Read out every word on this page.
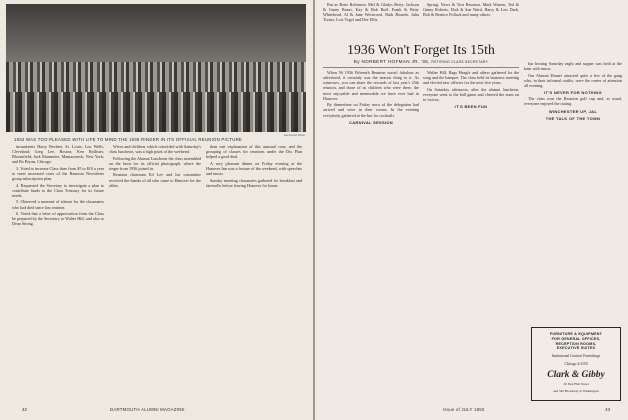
Dartmouth Photo
1932 WAS TOO PLEASED WITH LIFE TO MIND THE 1936 RINGER IN ITS OFFICIAL REUNION PICTURE

incumbents Harry Bechert, St. Louis; Lou Wells, Cleveland; Greg Lee, Boston; Ken Hollister, Bloomfield; Jack Blaumeier, Mamaroneck, New York; and Bo Bryan, Chicago.

3. Voted to increase Class dues from $5 to $10 a year to meet increased costs of the Reunion Newsletter group subscription plan.

4. Requested the Secretary to investigate a plan to contribute funds to the Class Treasury for its future needs.

5. Observed a moment of silence for the classmates who had died since last reunion.

6. Voted that a letter of appreciation from the Class be prepared by the Secretary to Walter Hill, and also to Dean Strong.

Wives and children, which coincided with Saturday's class luncheon, was a high point of the weekend.

Following the Alumni Luncheon the class assembled on the lawn for its official photograph, where the ringer from 1936 joined in.

Reunion chairman Ed Lee and his committee received the thanks of all who came to Hanover for the affair.

than one explanation of this unusual case, and the grouping of classes for reunions under the Dix Plan helped a good deal.

A very pleasant dinner on Friday evening at the Hanover Inn was a feature of the weekend, with speeches and music.

Sunday morning classmates gathered for breakfast and farewells before leaving Hanover for home.

42	DARTMOUTH ALUMNI MAGAZINE

But as Bette Robinson, Mel & Gladys Berry, Jackson & Ginny Burns, Kay & Bob Ruff, Frank & Betty Whitehead, Al & Jane Westwood, Ruth Rounds, Julia Turner, Lois Vogel and Dee Ellis.

Spring, News & Text Reunion, Mark Warren, Ted & Ginny Roberts, Dick & Sue Ward, Harry & Lois Dark, Bob & Bernice Pollack and many others.

1936 Won't Forget Its 15th
By NORBERT HOFMAN JR. '36, RETIRING CLASS SECRETARY

When 56 1936 Fifteenth Reunion wasn't fabulous as advertised, it certainly was the nearest thing to it. As witnesses, you can share the rewards of last year's 25th reunion, and those of us children who were there, the most enjoyable and memorable we have ever had in Hanover.

By dinnertime on Friday most of the delegation had arrived and were in their rooms. In the evening everybody gathered at the Inn for cocktails.

CARNIVAL SESSION

Walter Hill, Rags Heagle and others gathered for the song and the banquet. The class held its business meeting and elected new officers for the next five years.

On Saturday afternoon, after the alumni luncheon, everyone went to the ball game and cheered the team on to victory.

IT'S BEEN FUN

bar hosting Saturday night and supper was held at the barn with music.

Our Alumni Dinner attracted quite a few of the gang who, in their informal outfits, were the center of attention all evening.

IT'S NEVER FOR NOTHING

The class won the Reunion golf cup and, as usual, everyone enjoyed the outing.

WINCHESTER UP, JAL

THE TALK OF THE TOWN

FURNITURE & EQUIPMENT
FOR GENERAL OFFICES,
RECEPTION ROOMS,
EXECUTIVE SUITES
Institutional Contract Furnishings
Chicago 4-2150
Clark & Gibby
20 East Elm Street
and 320 Broadway at Washington
Issue of JULY 1950	43
